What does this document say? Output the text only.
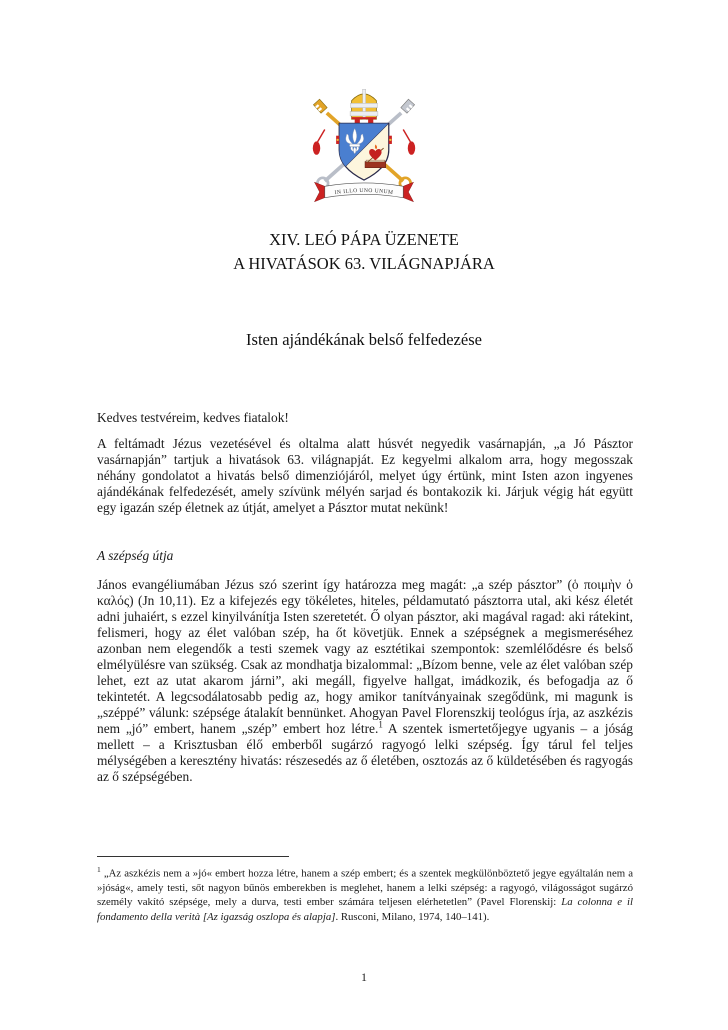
IN ILLO UNO UNUM
XIV. LEÓ PÁPA ÜZENETE
A HIVATÁSOK 63. VILÁGNAPJÁRA
Isten ajándékának belső felfedezése

Kedves testvéreim, kedves fiatalok!

A feltámadt Jézus vezetésével és oltalma alatt húsvét negyedik vasárnapján, „a Jó Pásztor vasárnapján” tartjuk a hivatások 63. világnapját. Ez kegyelmi alkalom arra, hogy megosszak néhány gondolatot a hivatás belső dimenziójáról, melyet úgy értünk, mint Isten azon ingyenes ajándékának felfedezését, amely szívünk mélyén sarjad és bontakozik ki. Járjuk végig hát együtt egy igazán szép életnek az útját, amelyet a Pásztor mutat nekünk!

A szépség útja

János evangéliumában Jézus szó szerint így határozza meg magát: „a szép pásztor” (ὁ ποιμὴν ὁ καλός) (Jn 10,11). Ez a kifejezés egy tökéletes, hiteles, példamutató pásztorra utal, aki kész életét adni juhaiért, s ezzel kinyilvánítja Isten szeretetét. Ő olyan pásztor, aki magával ragad: aki rátekint, felismeri, hogy az élet valóban szép, ha őt követjük. Ennek a szépségnek a megismeréséhez azonban nem elegendők a testi szemek vagy az esztétikai szempontok: szemlélődésre és belső elmélyülésre van szükség. Csak az mondhatja bizalommal: „Bízom benne, vele az élet valóban szép lehet, ezt az utat akarom járni”, aki megáll, figyelve hallgat, imádkozik, és befogadja az ő tekintetét. A legcsodálatosabb pedig az, hogy amikor tanítványainak szegődünk, mi magunk is „széppé” válunk: szépsége átalakít bennünket. Ahogyan Pavel Florenszkij teológus írja, az aszkézis nem „jó” embert, hanem „szép” embert hoz létre.$^1$ A szentek ismertetőjegye ugyanis – a jóság mellett – a Krisztusban élő emberből sugárzó ragyogó lelki szépség. Így tárul fel teljes mélységében a keresztény hivatás: részesedés az ő életében, osztozás az ő küldetésében és ragyogás az ő szépségében.

$^1$ „Az aszkézis nem a »jó« embert hozza létre, hanem a szép embert; és a szentek megkülönböztető jegye egyáltalán nem a »jóság«, amely testi, sőt nagyon bűnös emberekben is meglehet, hanem a lelki szépség: a ragyogó, világosságot sugárzó személy vakító szépsége, mely a durva, testi ember számára teljesen elérhetetlen” (Pavel Florenskij: La colonna e il fondamento della verità [Az igazság oszlopa és alapja]. Rusconi, Milano, 1974, 140–141).

1
